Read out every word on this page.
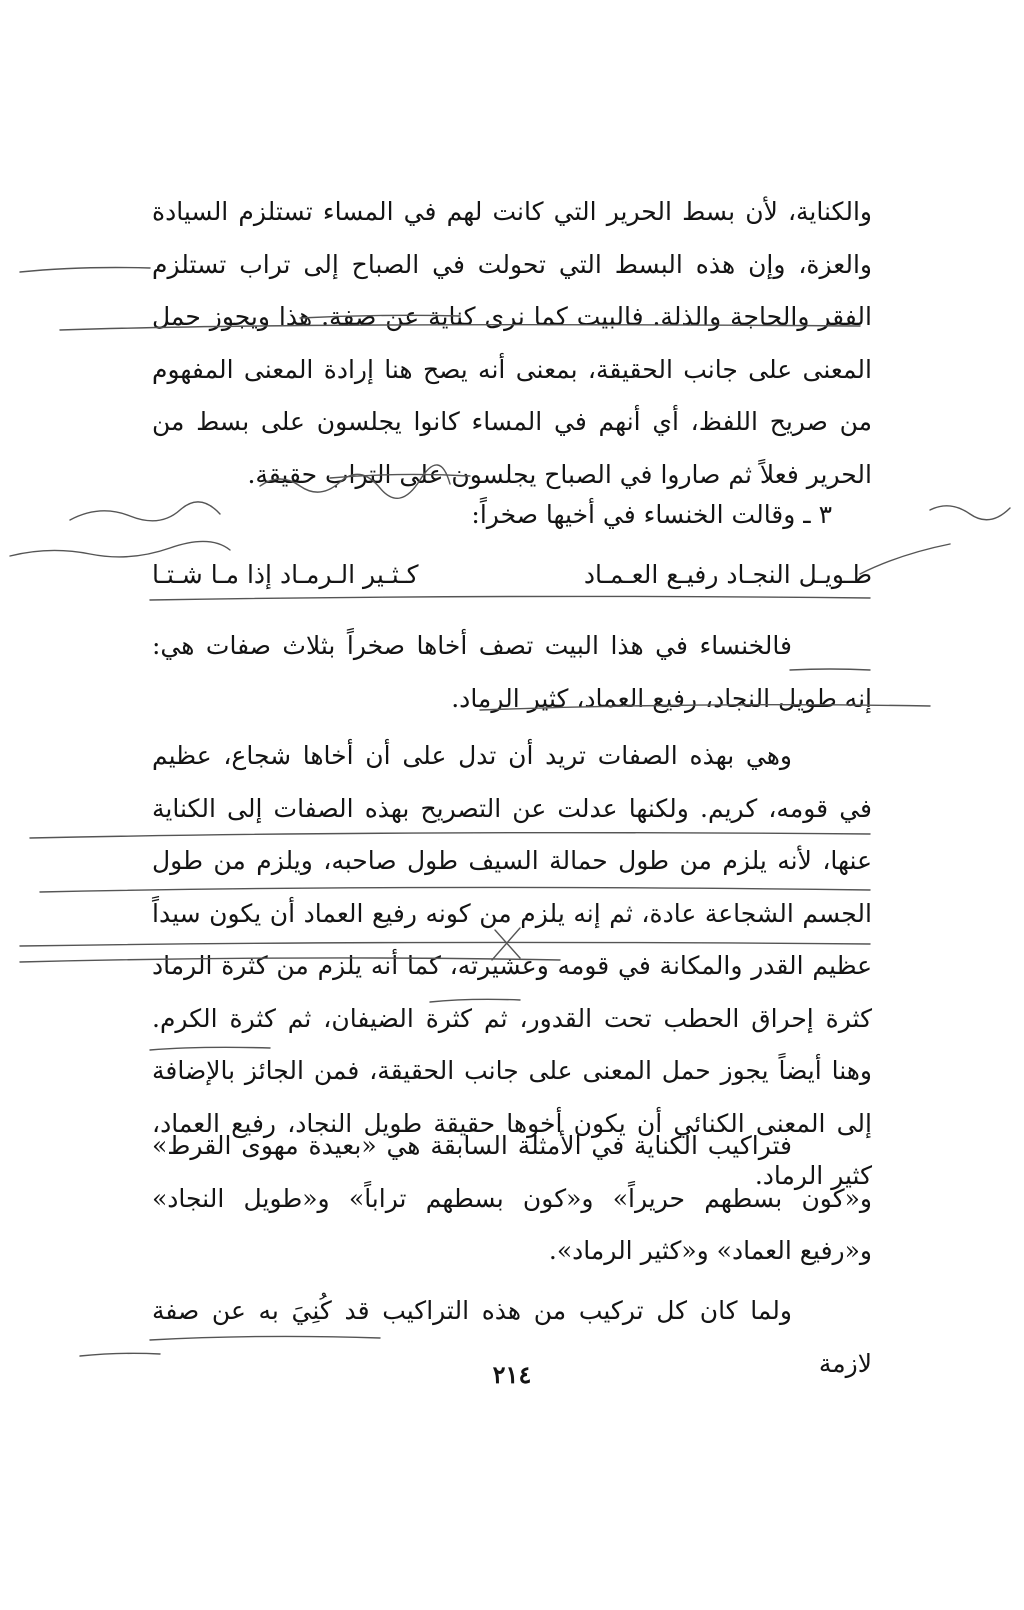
والكناية، لأن بسط الحرير التي كانت لهم في المساء تستلزم السيادة والعزة، وإن هذه البسط التي تحولت في الصباح إلى تراب تستلزم الفقر والحاجة والذلة. فالبيت كما نرى كناية عن صفة. هذا ويجوز حمل المعنى على جانب الحقيقة، بمعنى أنه يصح هنا إرادة المعنى المفهوم من صريح اللفظ، أي أنهم في المساء كانوا يجلسون على بسط من الحرير فعلاً ثم صاروا في الصباح يجلسون على التراب حقيقة.
٣ ـ وقالت الخنساء في أخيها صخراً:
طـويـل النجـاد رفيـع العـمـاد
كـثـير الـرمـاد إذا مـا شـتـا
فالخنساء في هذا البيت تصف أخاها صخراً بثلاث صفات هي: إنه طويل النجاد، رفيع العماد، كثير الرماد.
وهي بهذه الصفات تريد أن تدل على أن أخاها شجاع، عظيم في قومه، كريم. ولكنها عدلت عن التصريح بهذه الصفات إلى الكناية عنها، لأنه يلزم من طول حمالة السيف طول صاحبه، ويلزم من طول الجسم الشجاعة عادة، ثم إنه يلزم من كونه رفيع العماد أن يكون سيداً عظيم القدر والمكانة في قومه وعشيرته، كما أنه يلزم من كثرة الرماد كثرة إحراق الحطب تحت القدور، ثم كثرة الضيفان، ثم كثرة الكرم. وهنا أيضاً يجوز حمل المعنى على جانب الحقيقة، فمن الجائز بالإضافة إلى المعنى الكنائي أن يكون أخوها حقيقة طويل النجاد، رفيع العماد، كثير الرماد.
فتراكيب الكناية في الأمثلة السابقة هي «بعيدة مهوى القرط» و«كون بسطهم حريراً» و«كون بسطهم تراباً» و«طويل النجاد» و«رفيع العماد» و«كثير الرماد».
ولما كان كل تركيب من هذه التراكيب قد كُنِيَ به عن صفة لازمة
٢١٤
